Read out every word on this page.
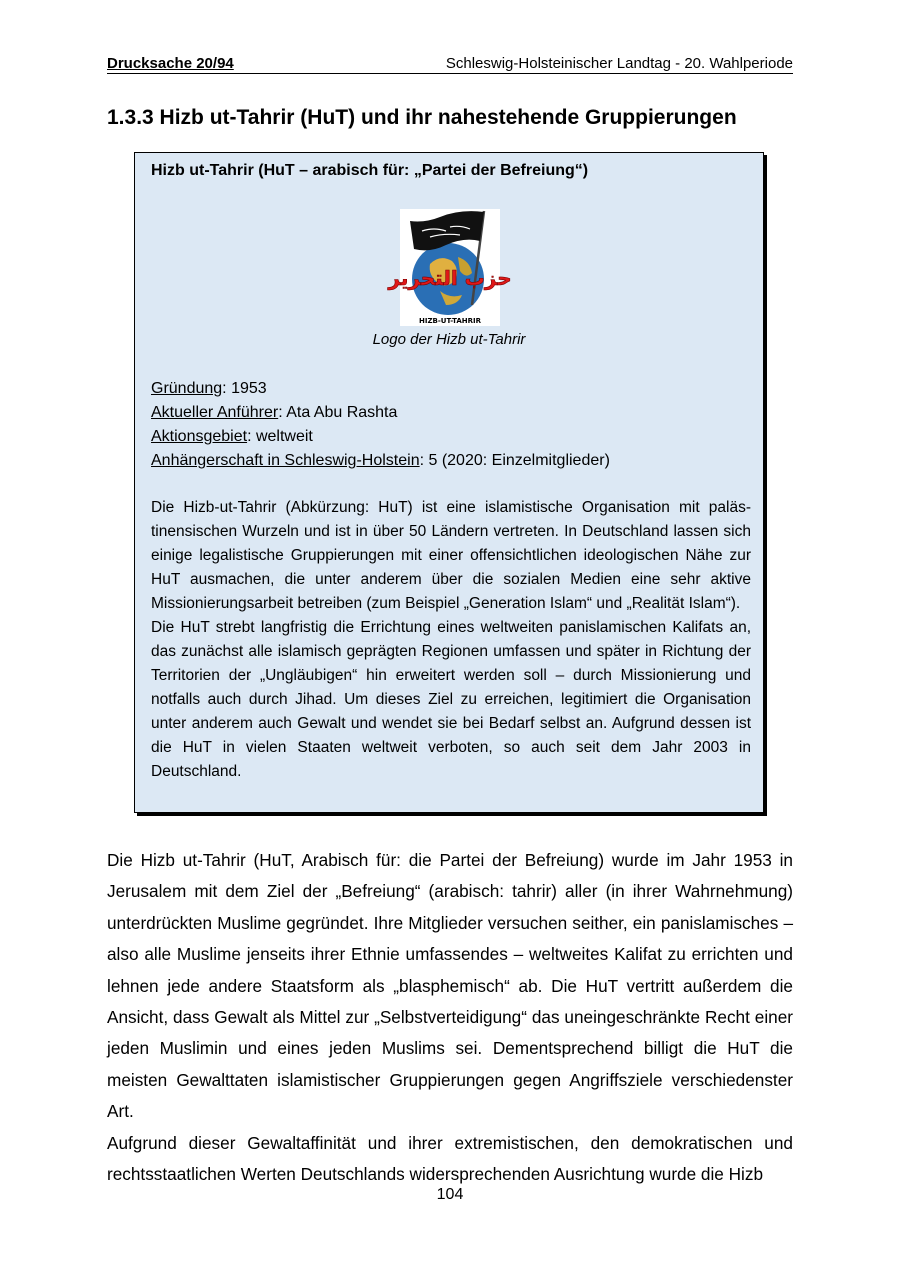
Drucksache 20/94	Schleswig-Holsteinischer Landtag - 20. Wahlperiode
1.3.3 Hizb ut-Tahrir (HuT) und ihr nahestehende Gruppierungen
Hizb ut-Tahrir (HuT – arabisch für: „Partei der Befreiung“)
حزب التحرير
HIZB-UT-TAHRIR
Logo der Hizb ut-Tahrir
Gründung: 1953
Aktueller Anführer: Ata Abu Rashta
Aktionsgebiet: weltweit
Anhängerschaft in Schleswig-Holstein: 5 (2020: Einzelmitglieder)

Die Hizb-ut-Tahrir (Abkürzung: HuT) ist eine islamistische Organisation mit palästinensischen Wurzeln und ist in über 50 Ländern vertreten. In Deutschland lassen sich einige legalistische Gruppierungen mit einer offensichtlichen ideologischen Nähe zur HuT ausmachen, die unter anderem über die sozialen Medien eine sehr aktive Missionierungsarbeit betreiben (zum Beispiel „Generation Islam“ und „Realität Islam“).

Die HuT strebt langfristig die Errichtung eines weltweiten panislamischen Kalifats an, das zunächst alle islamisch geprägten Regionen umfassen und später in Richtung der Territorien der „Ungläubigen“ hin erweitert werden soll – durch Missionierung und notfalls auch durch Jihad. Um dieses Ziel zu erreichen, legitimiert die Organisation unter anderem auch Gewalt und wendet sie bei Bedarf selbst an. Aufgrund dessen ist die HuT in vielen Staaten weltweit verboten, so auch seit dem Jahr 2003 in Deutschland.

Die Hizb ut-Tahrir (HuT, Arabisch für: die Partei der Befreiung) wurde im Jahr 1953 in Jerusalem mit dem Ziel der „Befreiung“ (arabisch: tahrir) aller (in ihrer Wahrnehmung) unterdrückten Muslime gegründet. Ihre Mitglieder versuchen seither, ein panislamisches – also alle Muslime jenseits ihrer Ethnie umfassendes – weltweites Kalifat zu errichten und lehnen jede andere Staatsform als „blasphemisch“ ab. Die HuT vertritt außerdem die Ansicht, dass Gewalt als Mittel zur „Selbstverteidigung“ das uneingeschränkte Recht einer jeden Muslimin und eines jeden Muslims sei. Dementsprechend billigt die HuT die meisten Gewalttaten islamistischer Gruppierungen gegen Angriffsziele verschiedenster Art.

Aufgrund dieser Gewaltaffinität und ihrer extremistischen, den demokratischen und rechtsstaatlichen Werten Deutschlands widersprechenden Ausrichtung wurde die Hizb

104
